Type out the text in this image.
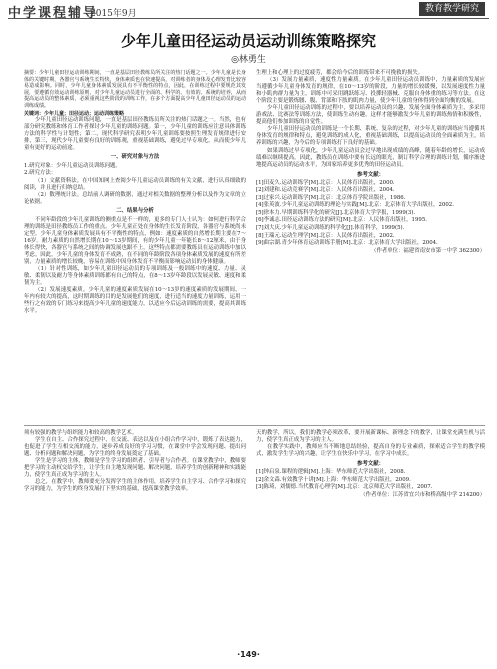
中学课程辅导
2015年9月	教育教学研究
少年儿童田径运动员运动训练策略探究
◎林勇生

摘要：少年儿童田径运动训练期间，一直是基层田径教练员所关注的热门话题之一。少年儿童是长身体的关键时期，各器官与系统生长特快，身体素质也在快速提高，对训练者的身体及心理发育比较容易造成影响。同时，少年儿童身体素质发展具有不平衡性的特点，因此，在训练过程中要规范其发展，要遵循有效运动训练原则，对少年儿童运动员进行全面的、科学的、有效的、系统的培养，从而提高运动员的整体素质，必须重视这些阶段的训练工作，在多个方面提高少年儿童田径运动员的运动训练成绩。

关键词：少年儿童；田径运动；运动训练策略

少年儿童田径运动训练问题，一直是基层田径教练员所关注的热门话题之一。当然，也有部分研究教练和体育工作者探讨少年儿童的训练问题。第一，少年儿童的训练应注意具体训练方法的科学性与计划性；第二，现代科学研究表明少年儿童训练要按照生理发育规律进行安排，第三，现代少年儿童要有良好的训练观，重视基础训练，避免过早专项化，从而使少年儿童有更好的运动前途。

一、研究对象与方法

1.研究对象：少年儿童运动员训练问题。

2.研究方法：

（1）文献资料法。在中国知网上查阅少年儿童运动员训练的有关文献，进行认真细致的阅读，并且进行归纳总结。

（2）数理统计法。总结前人调研的数据，通过对相关数据的整理分析以及作为文章的立论依据。

二、结果与分析

不同年龄段的少年儿童训练的侧重点是不一样的，更多的专门人士认为：如何进行科学合理的训练是田径教练员工作的重点。少年儿童正处在身体的生长发育阶段，各器官与系统尚未定型。少年儿童身体素质发展具有不平衡性的特点，例如：速度素质的自然增长期主要在7～16岁。耐力素质的自然增长期在10～13岁期间，有的少年儿童一年能长8～12厘米，由于身体长得快，各器官与系统之间的协调发展也跟不上，这些特点都需要教练员在运动训练中加以考虑。因此，少年儿童的身体发育不成熟，在不同的年龄阶段各项身体素质发展的速度有所差别，力量素质的增长较晚，容易在训练中因身体发育不平衡而影响运动员的身体健康。

（1）针对性训练，如少年儿童田径运动员的专项训练及一般训练中的速度、力量、灵敏、柔韧以及耐力等身体素质训练都有自己的特点，在8～13岁年龄段以发展灵敏、速度和柔韧为主。

（2）发展速度素质。少年儿童的速度素质发展在10～13岁的速度素质的发展期间，一年内有较大的提高，这时期训练的目的是发展他们的速度，进行适当的速度力量训练，运用一些行之有效的专门练习来提高少年儿童的速度能力，以适应今后运动训练的需要，提高其训练水平。

生理上和心理上的过度疲劳，都会给今后的训练带来不可挽救的损失。

（3）发展力量素质，速度性力量素质。在少年儿童田径运动员训练中，力量素质的发展应当遵循少年儿童身体发育的规律，在10～13岁的阶段，力量的增长较缓慢，以发展速度性力量和小肌肉群力量为主，训练中可采用跳跃练习、投掷轻器械、克服自身体重的练习等方法。在这个阶段主要是锻炼腰、腹、背部和下肢的肌肉力量，使少年儿童的身体得到全面均衡的发展。

少年儿童田径运动训练的过程中，要以培养运动员的兴趣、发展全面身体素质为主，多采用游戏法、比赛法等训练方法，使训练生动有趣，这样才能够激发少年儿童的训练热情和积极性，提高他们参加训练的自觉性。

少年儿童田径运动员的训练是一个长期、系统、复杂的过程，对少年儿童的训练应当遵循其身体发育的规律和特点，避免训练的成人化，重视基础训练，以提高运动员的全面素质为主，培养训练的兴趣，为今后的专项训练打下良好的基础。

如果训练过早专项化，少年儿童运动员会过早地出现成绩的高峰，随着年龄的增长，运动成绩难以继续提高。因此，教练员在训练中要有长远的眼光，制订科学合理的训练计划，循序渐进地提高运动员的运动水平，为国家培养更多优秀的田径运动员。

参考文献：

[1]田麦久.运动训练学[M].北京：人民体育出版社，2000.

[2]刘建和.运动竞赛学[M].北京：人民体育出版社，2004.

[3]过家兴.运动训练学[M].北京：北京体育学院出版社，1986.

[4]张英波.少年儿童运动训练的理论与实践[M].北京：北京体育大学出版社，2002.

[5]徐本力.早期训练科学化的研究[J].北京体育大学学报，1999(3).

[6]李诚志.田径运动训练方法的研究[M].北京：人民体育出版社，1995.

[7]刘大庆.少年儿童运动训练的科学化[J].体育科学，1999(5).

[8]王瑞元.运动生理学[M].北京：人民体育出版社，2002.

[9]曲宗湖.青少年体育运动训练手册[M].北京：北京体育大学出版社，2004.

（作者单位：福建省南安市第一中学 362300）

须有较强的教学与组织能力和较高的教学艺术。

学生在自主、合作探究过程中，在交流、表达以及在小组合作学习中，锻炼了表达能力，也促进了学生互相交流的能力，逐步养成良好的学习习惯，在课堂中学会发现问题、提出问题、分析问题和解决问题，为学生的终身发展奠定了基础。

学生是学习的主体，教师是学生学习的组织者、引导者与合作者。在课堂教学中，教师要把学习的主动权交给学生，让学生自主地发现问题、解决问题，培养学生的创新精神和实践能力，使学生真正成为学习的主人。

总之，在教学中，教师要充分发挥学生的主体作用，培养学生自主学习、合作学习和探究学习的能力，为学生的终身发展打下坚实的基础，提高课堂教学效率。

天的教学，所以，我们的教学必须改革，要开展新课标、新理念下的教学，让课堂充满生机与活力，使学生真正成为学习的主人。

在教学实践中，教师应当不断地总结经验，提高自身的专业素质，探索适合学生的教学模式，激发学生学习的兴趣，让学生在快乐中学习，在学习中成长。

参考文献：

[1]钟启泉.课程的逻辑[M].上海：华东师范大学出版社，2008.

[2]余文森.有效教学十讲[M].上海：华东师范大学出版社，2009.

[3]陈琦，刘儒德.当代教育心理学[M].北京：北京师范大学出版社，2007.

（作者单位：江苏省宜兴市和桥高级中学 214200）

·149·
